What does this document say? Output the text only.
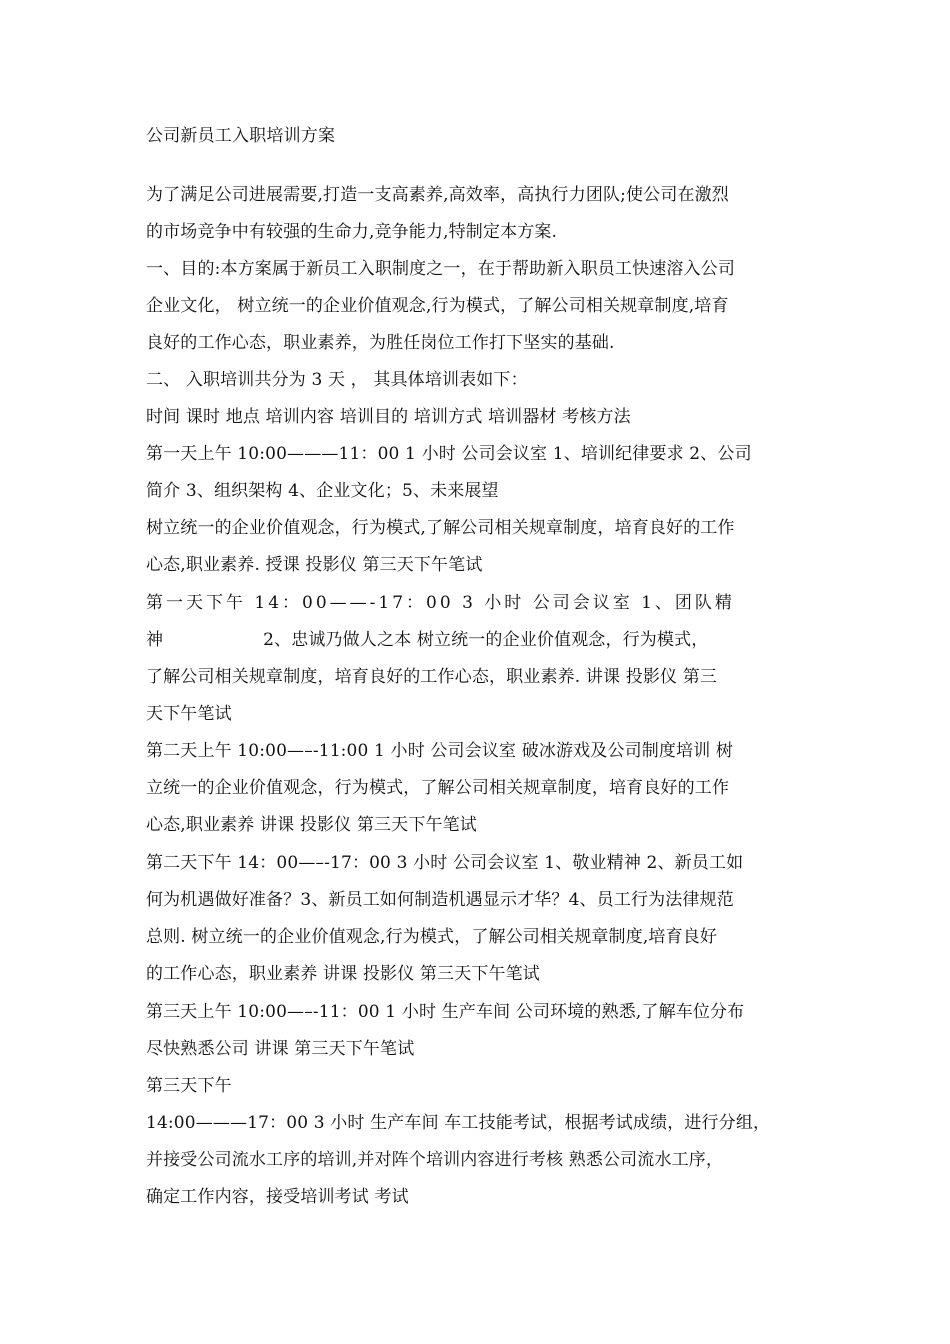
公司新员工入职培训方案
为了满足公司进展需要,打造一支高素养,高效率，高执行力团队;使公司在激烈
的市场竞争中有较强的生命力,竞争能力,特制定本方案.
一、目的:本方案属于新员工入职制度之一，在于帮助新入职员工快速溶入公司
企业文化， 树立统一的企业价值观念,行为模式，了解公司相关规章制度,培育
良好的工作心态，职业素养，为胜任岗位工作打下坚实的基础.
二、 入职培训共分为 3 天 ， 其具体培训表如下：
时间 课时 地点 培训内容 培训目的 培训方式 培训器材 考核方法
第一天上午 10:00———11：00 1 小时 公司会议室 1、培训纪律要求 2、公司
简介 3、组织架构 4、企业文化；5、未来展望
树立统一的企业价值观念，行为模式,了解公司相关规章制度，培育良好的工作
心态,职业素养. 授课 投影仪 第三天下午笔试
第一天下午 14：00——-17：00 3 小时 公司会议室 1、团队精
神                  2、忠诚乃做人之本 树立统一的企业价值观念，行为模式，
了解公司相关规章制度，培育良好的工作心态，职业素养. 讲课 投影仪 第三
天下午笔试
第二天上午 10:00—–-11:00 1 小时 公司会议室 破冰游戏及公司制度培训 树
立统一的企业价值观念，行为模式，了解公司相关规章制度，培育良好的工作
心态,职业素养 讲课 投影仪 第三天下午笔试
第二天下午 14：00—–-17：00 3 小时 公司会议室 1、敬业精神 2、新员工如
何为机遇做好准备？3、新员工如何制造机遇显示才华？4、员工行为法律规范
总则. 树立统一的企业价值观念,行为模式，了解公司相关规章制度,培育良好
的工作心态，职业素养 讲课 投影仪 第三天下午笔试
第三天上午 10:00—–-11：00 1 小时 生产车间 公司环境的熟悉,了解车位分布
尽快熟悉公司 讲课 第三天下午笔试
第三天下午
14:00———17：00 3 小时 生产车间 车工技能考试，根据考试成绩，进行分组，
并接受公司流水工序的培训,并对阵个培训内容进行考核 熟悉公司流水工序，
确定工作内容，接受培训考试 考试
